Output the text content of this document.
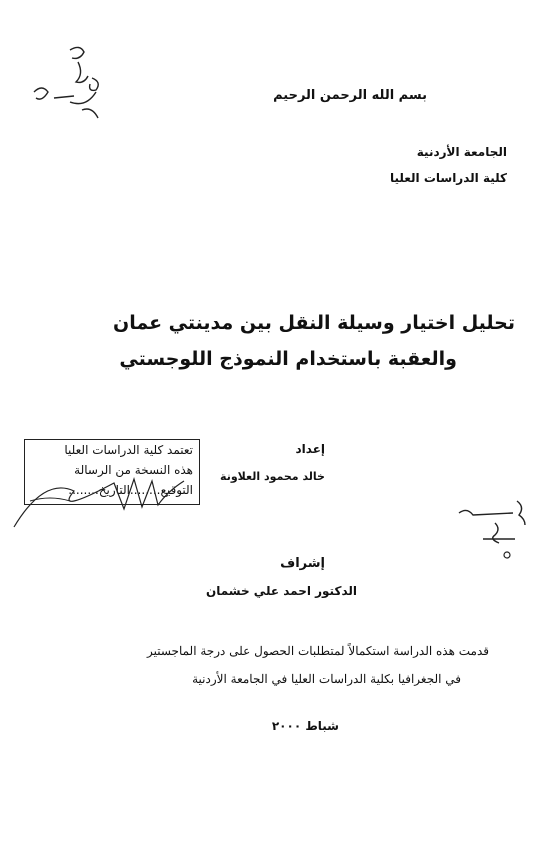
بسم الله الرحمن الرحيم
الجامعة الأردنية
كلية الدراسات العليا
تحليل اختيار وسيلة النقل بين مدينتي عمان
والعقبة باستخدام النموذج اللوجستي
إعداد
خالد محمود العلاونة
تعتمد كلية الدراسات العليا
هذه النسخة من الرسالة
التوقيع........التاريخ........
إشراف
الدكتور احمد علي خشمان
قدمت هذه الدراسة استكمالاً لمتطلبات الحصول على درجة الماجستير
في الجغرافيا بكلية الدراسات العليا في الجامعة الأردنية
شباط ٢٠٠٠
